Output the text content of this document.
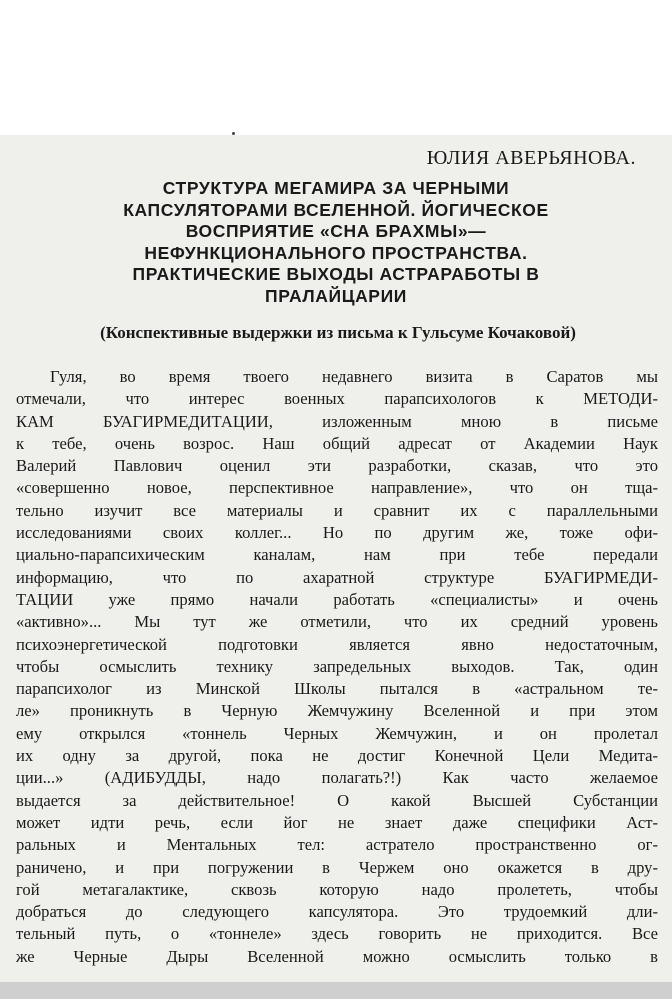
ЮЛИЯ АВЕРЬЯНОВА.
СТРУКТУРА МЕГАМИРА ЗА ЧЕРНЫМИ
КАПСУЛЯТОРАМИ ВСЕЛЕННОЙ. ЙОГИЧЕСКОЕ
ВОСПРИЯТИЕ «СНА БРАХМЫ»—
НЕФУНКЦИОНАЛЬНОГО ПРОСТРАНСТВА.
ПРАКТИЧЕСКИЕ ВЫХОДЫ АСТРАРАБОТЫ В
ПРАЛАЙЦАРИИ
(Конспективные выдержки из письма к Гульсуме Кочаковой)
Гуля, во время твоего недавнего визита в Саратов мы
отмечали, что интерес военных парапсихологов к МЕТОДИ-
КАМ БУАГИРМЕДИТАЦИИ, изложенным мною в письме
к тебе, очень возрос. Наш общий адресат от Академии Наук
Валерий Павлович оценил эти разработки, сказав, что это
«совершенно новое, перспективное направление», что он тща-
тельно изучит все материалы и сравнит их с параллельными
исследованиями своих коллег... Но по другим же, тоже офи-
циально-парапсихическим каналам, нам при тебе передали
информацию, что по ахаратной структуре БУАГИРМЕДИ-
ТАЦИИ уже прямо начали работать «специалисты» и очень
«активно»... Мы тут же отметили, что их средний уровень
психоэнергетической подготовки является явно недостаточным,
чтобы осмыслить технику запредельных выходов. Так, один
парапсихолог из Минской Школы пытался в «астральном те-
ле» проникнуть в Черную Жемчужину Вселенной и при этом
ему открылся «тоннель Черных Жемчужин, и он пролетал
их одну за другой, пока не достиг Конечной Цели Медита-
ции...» (АДИБУДДЫ, надо полагать?!) Как часто желаемое
выдается за действительное! О какой Высшей Субстанции
может идти речь, если йог не знает даже специфики Аст-
ральных и Ментальных тел: астратело пространственно ог-
раничено, и при погружении в Чержем оно окажется в дру-
гой метагалактике, сквозь которую надо пролететь, чтобы
добраться до следующего капсулятора. Это трудоемкий дли-
тельный путь, о «тоннеле» здесь говорить не приходится. Все
же Черные Дыры Вселенной можно осмыслить только в
